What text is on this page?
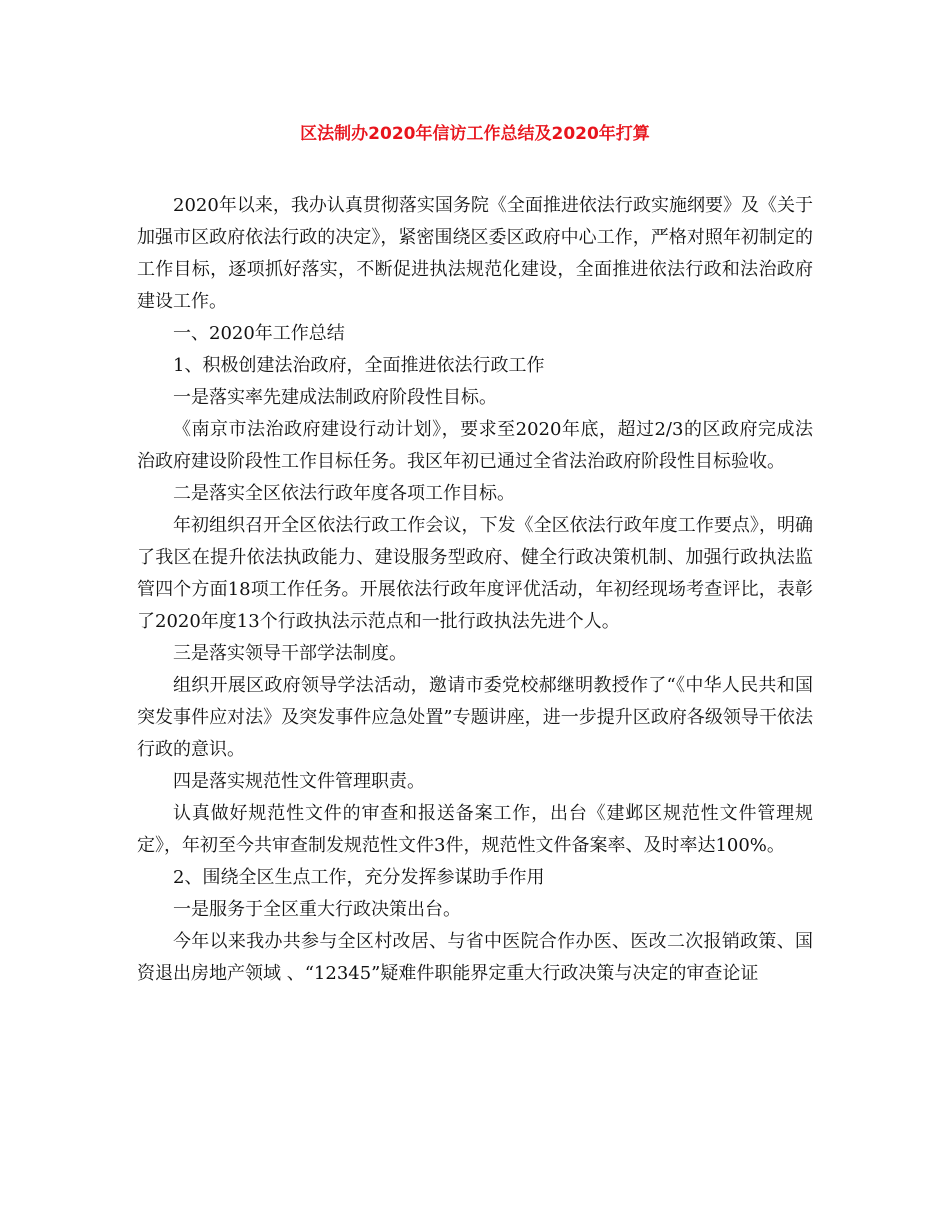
区法制办2020年信访工作总结及2020年打算

2020年以来，我办认真贯彻落实国务院《全面推进依法行政实施纲要》及《关于加强市区政府依法行政的决定》，紧密围绕区委区政府中心工作，严格对照年初制定的工作目标，逐项抓好落实，不断促进执法规范化建设，全面推进依法行政和法治政府建设工作。

一、2020年工作总结

1、积极创建法治政府，全面推进依法行政工作

一是落实率先建成法制政府阶段性目标。

《南京市法治政府建设行动计划》，要求至2020年底，超过2/3的区政府完成法治政府建设阶段性工作目标任务。我区年初已通过全省法治政府阶段性目标验收。

二是落实全区依法行政年度各项工作目标。

年初组织召开全区依法行政工作会议，下发《全区依法行政年度工作要点》，明确了我区在提升依法执政能力、建设服务型政府、健全行政决策机制、加强行政执法监管四个方面18项工作任务。开展依法行政年度评优活动，年初经现场考查评比，表彰了2020年度13个行政执法示范点和一批行政执法先进个人。

三是落实领导干部学法制度。

组织开展区政府领导学法活动，邀请市委党校郝继明教授作了“《中华人民共和国突发事件应对法》及突发事件应急处置”专题讲座，进一步提升区政府各级领导干依法行政的意识。

四是落实规范性文件管理职责。

认真做好规范性文件的审查和报送备案工作，出台《建邺区规范性文件管理规定》，年初至今共审查制发规范性文件3件，规范性文件备案率、及时率达100%。

2、围绕全区生点工作，充分发挥参谋助手作用

一是服务于全区重大行政决策出台。

今年以来我办共参与全区村改居、与省中医院合作办医、医改二次报销政策、国资退出房地产领域 、“12345”疑难件职能界定重大行政决策与决定的审查论证
